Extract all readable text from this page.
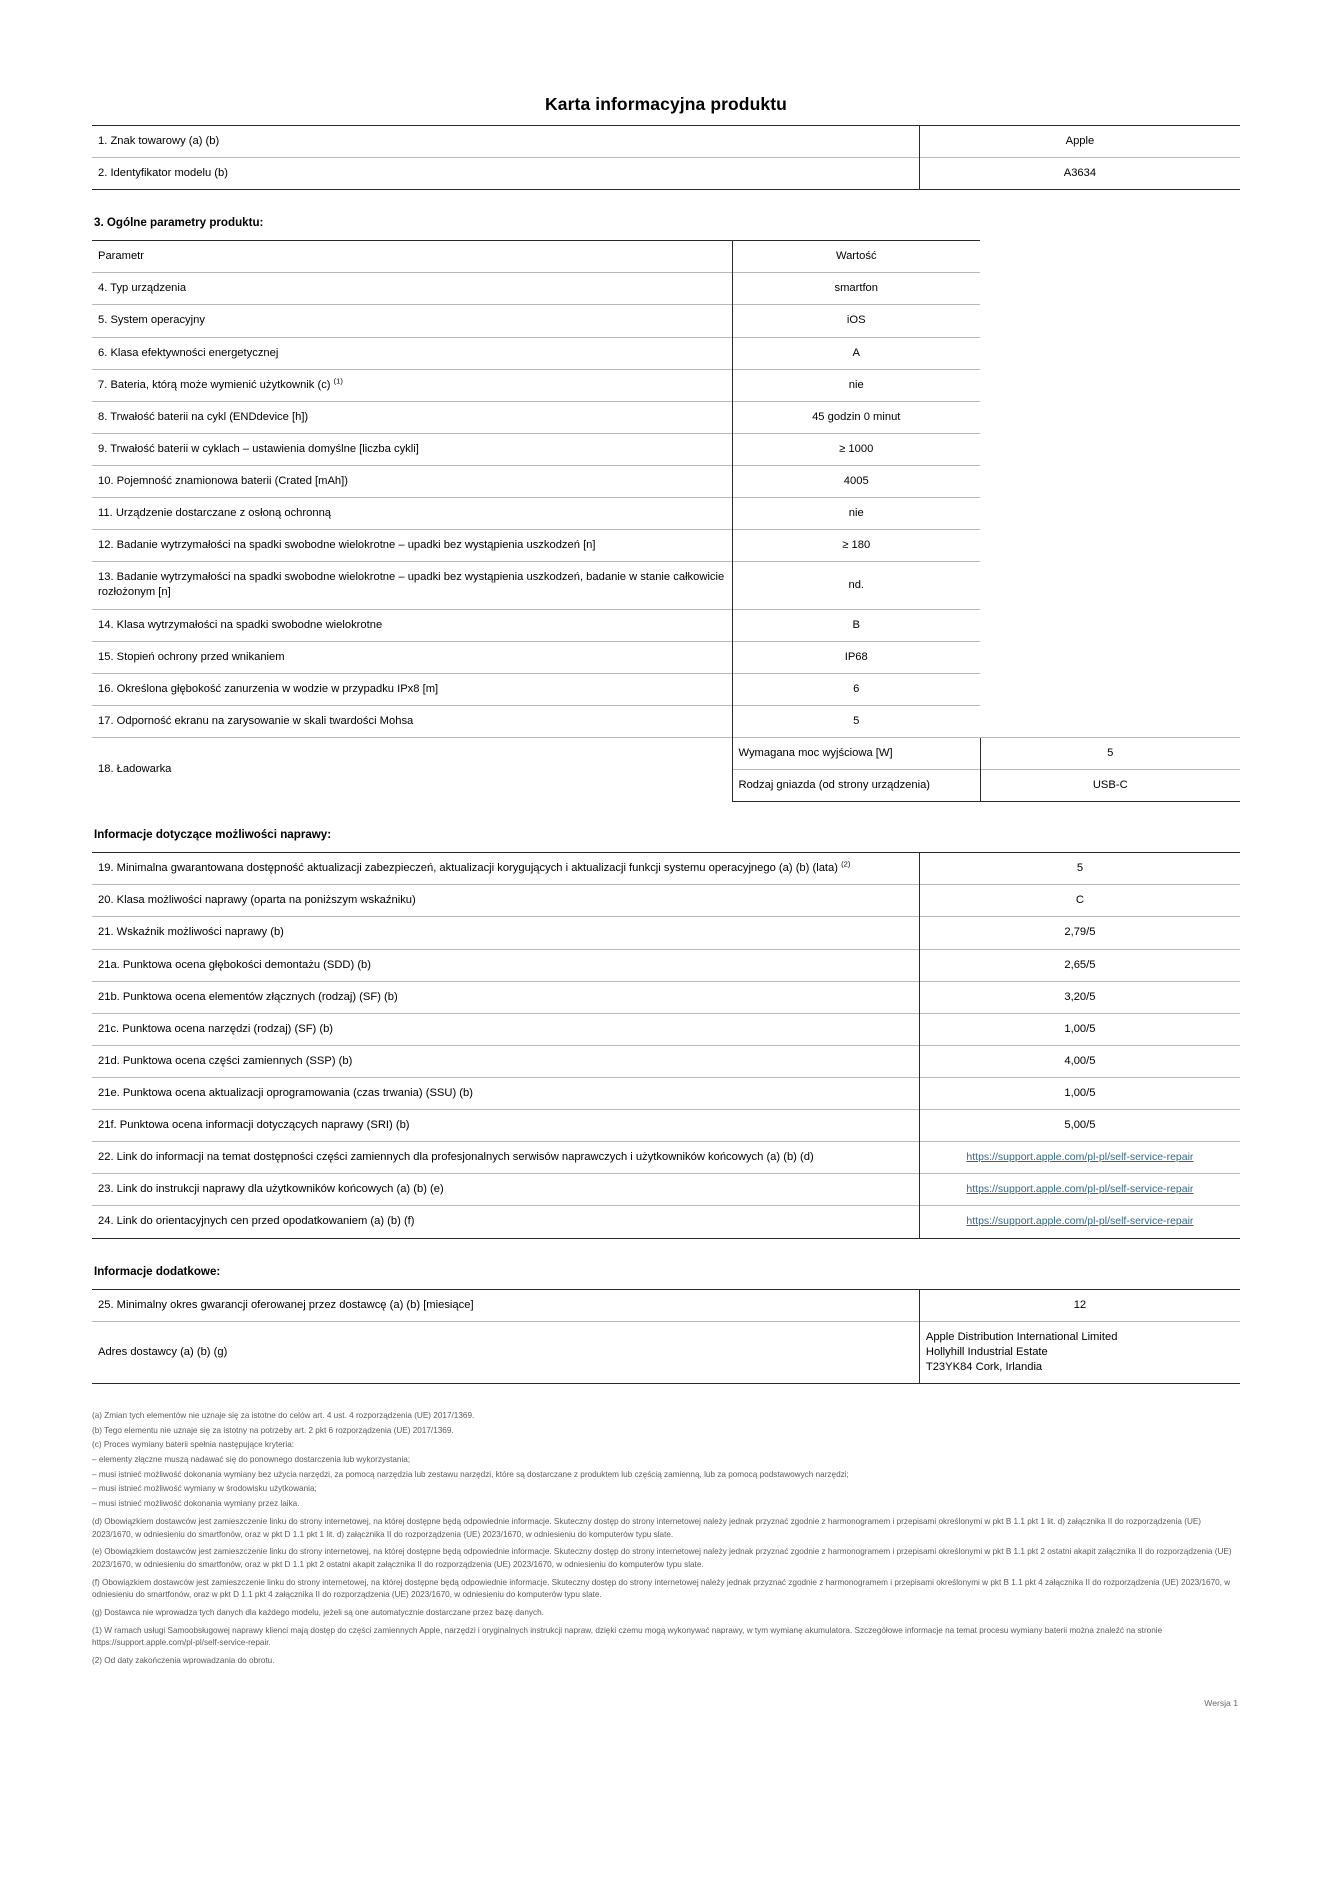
Karta informacyjna produktu
1. Znak towarowy (a) (b)	Apple
2. Identyfikator modelu (b)	A3634
3. Ogólne parametry produktu:
Parametr	Wartość	
4. Typ urządzenia	smartfon	
5. System operacyjny	iOS	
6. Klasa efektywności energetycznej	A	
7. Bateria, którą może wymienić użytkownik (c) $^{(1)}$	nie	
8. Trwałość baterii na cykl (ENDdevice [h])	45 godzin 0 minut	
9. Trwałość baterii w cyklach – ustawienia domyślne [liczba cykli]	≥ 1000	
10. Pojemność znamionowa baterii (Crated [mAh])	4005	
11. Urządzenie dostarczane z osłoną ochronną	nie	
12. Badanie wytrzymałości na spadki swobodne wielokrotne – upadki bez wystąpienia uszkodzeń [n]	≥ 180	
13. Badanie wytrzymałości na spadki swobodne wielokrotne – upadki bez wystąpienia uszkodzeń, badanie w stanie całkowicie rozłożonym [n]	nd.	
14. Klasa wytrzymałości na spadki swobodne wielokrotne	B	
15. Stopień ochrony przed wnikaniem	IP68	
16. Określona głębokość zanurzenia w wodzie w przypadku IPx8 [m]	6	
17. Odporność ekranu na zarysowanie w skali twardości Mohsa	5	
18. Ładowarka	Wymagana moc wyjściowa [W]	5
	Rodzaj gniazda (od strony urządzenia)	USB-C
Informacje dotyczące możliwości naprawy:
19. Minimalna gwarantowana dostępność aktualizacji zabezpieczeń, aktualizacji korygujących i aktualizacji funkcji systemu operacyjnego (a) (b) (lata) $^{(2)}$	5
20. Klasa możliwości naprawy (oparta na poniższym wskaźniku)	C
21. Wskaźnik możliwości naprawy (b)	2,79/5
21a. Punktowa ocena głębokości demontażu (SDD) (b)	2,65/5
21b. Punktowa ocena elementów złącznych (rodzaj) (SF) (b)	3,20/5
21c. Punktowa ocena narzędzi (rodzaj) (SF) (b)	1,00/5
21d. Punktowa ocena części zamiennych (SSP) (b)	4,00/5
21e. Punktowa ocena aktualizacji oprogramowania (czas trwania) (SSU) (b)	1,00/5
21f. Punktowa ocena informacji dotyczących naprawy (SRI) (b)	5,00/5
22. Link do informacji na temat dostępności części zamiennych dla profesjonalnych serwisów naprawczych i użytkowników końcowych (a) (b) (d)	https://support.apple.com/pl-pl/self-service-repair
23. Link do instrukcji naprawy dla użytkowników końcowych (a) (b) (e)	https://support.apple.com/pl-pl/self-service-repair
24. Link do orientacyjnych cen przed opodatkowaniem (a) (b) (f)	https://support.apple.com/pl-pl/self-service-repair
Informacje dodatkowe:
25. Minimalny okres gwarancji oferowanej przez dostawcę (a) (b) [miesiące]	12
Adres dostawcy (a) (b) (g)	Apple Distribution International Limited
Hollyhill Industrial Estate
T23YK84 Cork, Irlandia

(a) Zmian tych elementów nie uznaje się za istotne do celów art. 4 ust. 4 rozporządzenia (UE) 2017/1369.

(b) Tego elementu nie uznaje się za istotny na potrzeby art. 2 pkt 6 rozporządzenia (UE) 2017/1369.

(c) Proces wymiany baterii spełnia następujące kryteria:

– elementy złączne muszą nadawać się do ponownego dostarczenia lub wykorzystania;

– musi istnieć możliwość dokonania wymiany bez użycia narzędzi, za pomocą narzędzia lub zestawu narzędzi, które są dostarczane z produktem lub częścią zamienną, lub za pomocą podstawowych narzędzi;

– musi istnieć możliwość wymiany w środowisku użytkowania;

– musi istnieć możliwość dokonania wymiany przez laika.

(d) Obowiązkiem dostawców jest zamieszczenie linku do strony internetowej, na której dostępne będą odpowiednie informacje. Skuteczny dostęp do strony internetowej należy jednak przyznać zgodnie z harmonogramem i przepisami określonymi w pkt B 1.1 pkt 1 lit. d) załącznika II do rozporządzenia (UE) 2023/1670, w odniesieniu do smartfonów, oraz w pkt D 1.1 pkt 1 lit. d) załącznika II do rozporządzenia (UE) 2023/1670, w odniesieniu do komputerów typu slate.

(e) Obowiązkiem dostawców jest zamieszczenie linku do strony internetowej, na której dostępne będą odpowiednie informacje. Skuteczny dostęp do strony internetowej należy jednak przyznać zgodnie z harmonogramem i przepisami określonymi w pkt B 1.1 pkt 2 ostatni akapit załącznika II do rozporządzenia (UE) 2023/1670, w odniesieniu do smartfonów, oraz w pkt D 1.1 pkt 2 ostatni akapit załącznika II do rozporządzenia (UE) 2023/1670, w odniesieniu do komputerów typu slate.

(f) Obowiązkiem dostawców jest zamieszczenie linku do strony internetowej, na której dostępne będą odpowiednie informacje. Skuteczny dostęp do strony internetowej należy jednak przyznać zgodnie z harmonogramem i przepisami określonymi w pkt B 1.1 pkt 4 załącznika II do rozporządzenia (UE) 2023/1670, w odniesieniu do smartfonów, oraz w pkt D 1.1 pkt 4 załącznika II do rozporządzenia (UE) 2023/1670, w odniesieniu do komputerów typu slate.

(g) Dostawca nie wprowadza tych danych dla każdego modelu, jeżeli są one automatycznie dostarczane przez bazę danych.

(1) W ramach usługi Samoobsługowej naprawy klienci mają dostęp do części zamiennych Apple, narzędzi i oryginalnych instrukcji napraw, dzięki czemu mogą wykonywać naprawy, w tym wymianę akumulatora. Szczegółowe informacje na temat procesu wymiany baterii można znaleźć na stronie https://support.apple.com/pl-pl/self-service-repair.

(2) Od daty zakończenia wprowadzania do obrotu.

Wersja 1
